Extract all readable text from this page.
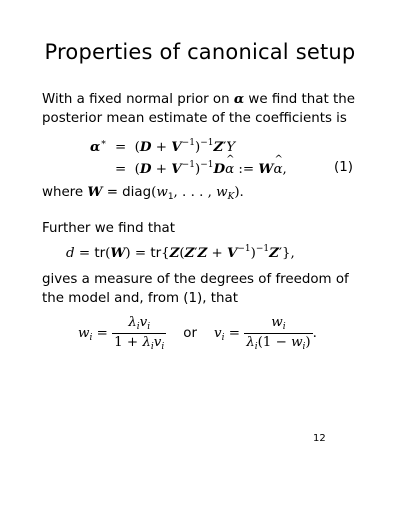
Properties of canonical setup
With a fixed normal prior on α we find that the
posterior mean estimate of the coefficients is
$\alpha^∗ = (D + V^{-1})^{-1}Z'Y$
=  $(D + V^{-1})^{-1}D\^{}$ α := W^ α,	(1)
where $W = diag(w_1$, . . . , $w_K$).
Further we find that
$d = tr(W) = tr\{Z(Z'Z + V^{-1})^{-1}Z'\}$,
gives a measure of the degrees of freedom of
the model and, from (1), that
$w_i = \frac{\lambda_iv_i}{1 + \lambda_iv_i}$ or $v_i = \frac{w_i}{\lambda_i(1 - w_i)}$ .
12
